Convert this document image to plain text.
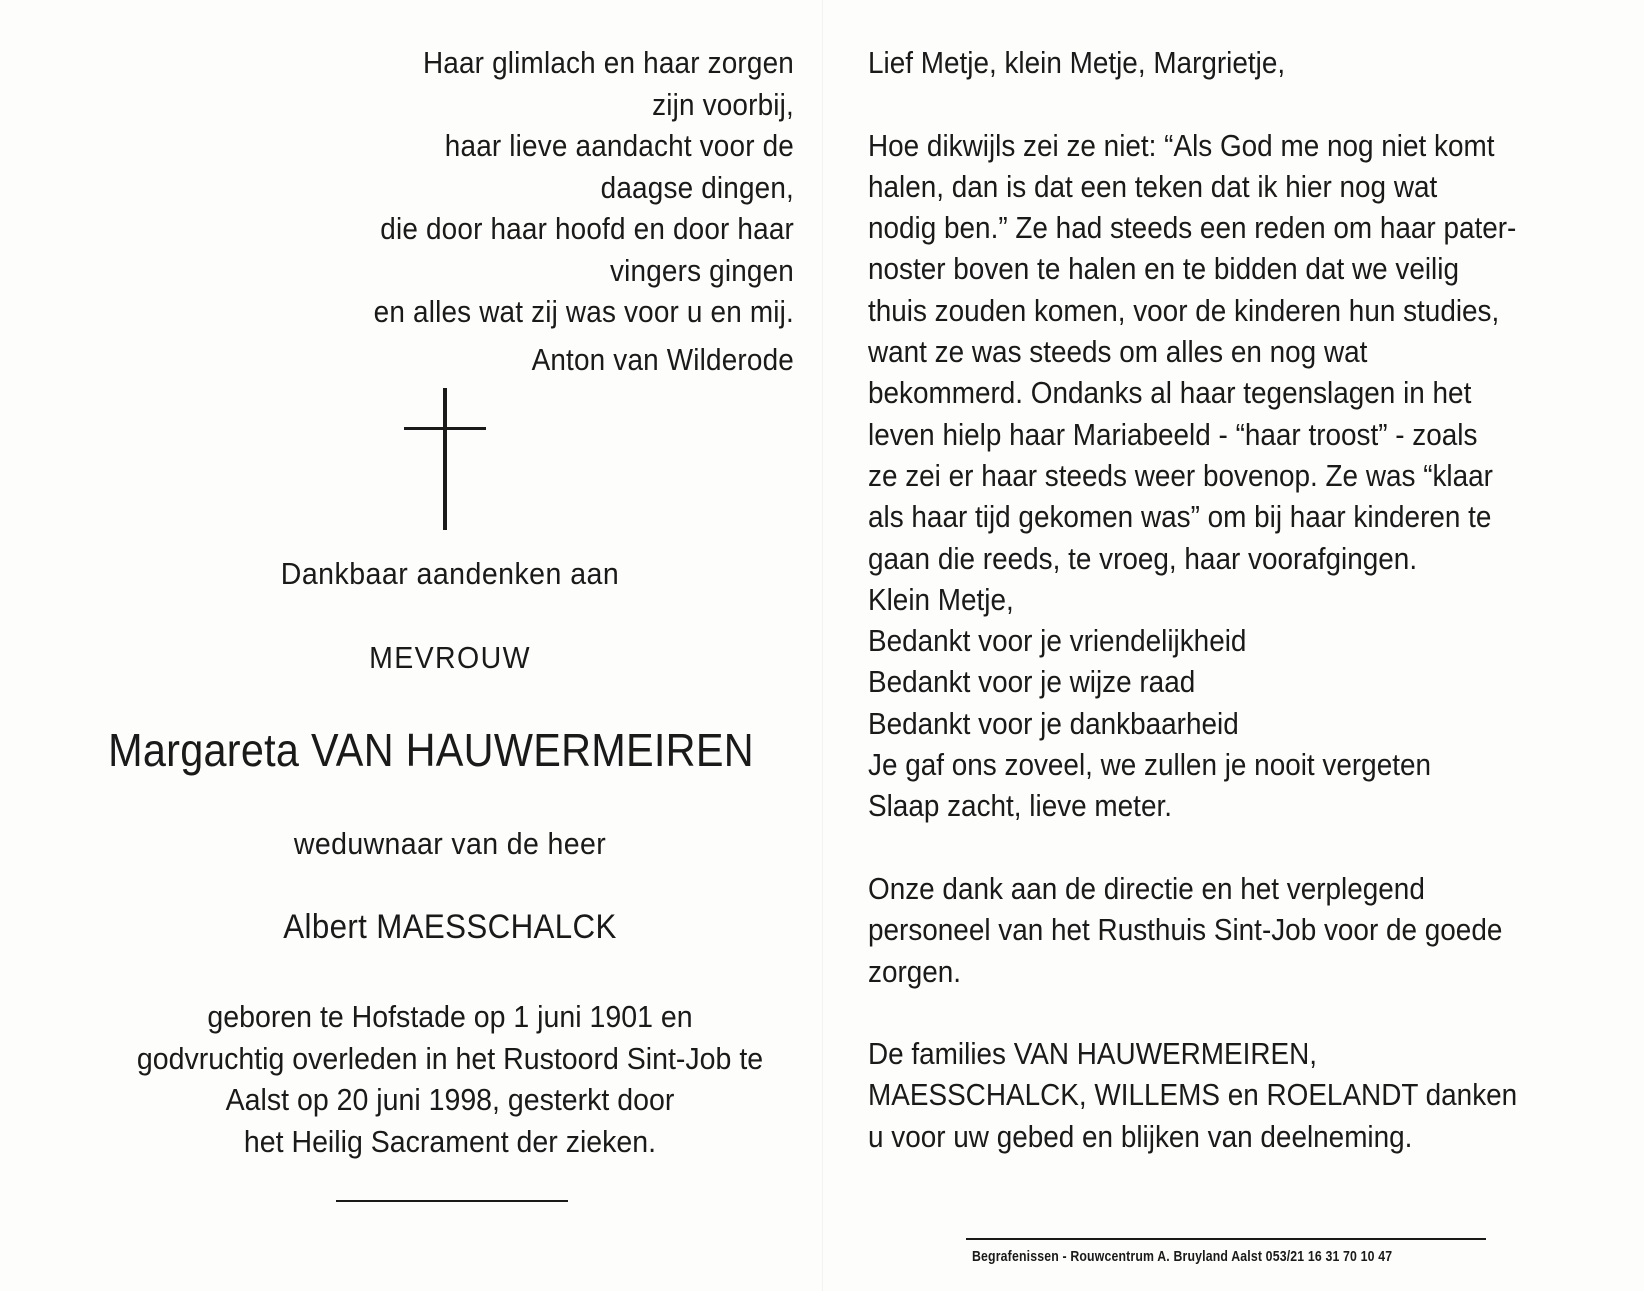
Haar glimlach en haar zorgen
zijn voorbij,
haar lieve aandacht voor de
daagse dingen,
die door haar hoofd en door haar
vingers gingen
en alles wat zij was voor u en mij.
Anton van Wilderode
Dankbaar aandenken aan
MEVROUW
Margareta VAN HAUWERMEIREN
weduwnaar van de heer
Albert MAESSCHALCK
geboren te Hofstade op 1 juni 1901 en
godvruchtig overleden in het Rustoord Sint-Job te
Aalst op 20 juni 1998, gesterkt door
het Heilig Sacrament der zieken.
Lief Metje, klein Metje, Margrietje,
Hoe dikwijls zei ze niet: “Als God me nog niet komt
halen, dan is dat een teken dat ik hier nog wat
nodig ben.” Ze had steeds een reden om haar pater-
noster boven te halen en te bidden dat we veilig
thuis zouden komen, voor de kinderen hun studies,
want ze was steeds om alles en nog wat
bekommerd. Ondanks al haar tegenslagen in het
leven hielp haar Mariabeeld - “haar troost” - zoals
ze zei er haar steeds weer bovenop. Ze was “klaar
als haar tijd gekomen was” om bij haar kinderen te
gaan die reeds, te vroeg, haar voorafgingen.
Klein Metje,
Bedankt voor je vriendelijkheid
Bedankt voor je wijze raad
Bedankt voor je dankbaarheid
Je gaf ons zoveel, we zullen je nooit vergeten
Slaap zacht, lieve meter.
Onze dank aan de directie en het verplegend
personeel van het Rusthuis Sint-Job voor de goede
zorgen.
De families VAN HAUWERMEIREN,
MAESSCHALCK, WILLEMS en ROELANDT danken
u voor uw gebed en blijken van deelneming.
Begrafenissen - Rouwcentrum A. Bruyland Aalst 053/21 16 31 70 10 47
